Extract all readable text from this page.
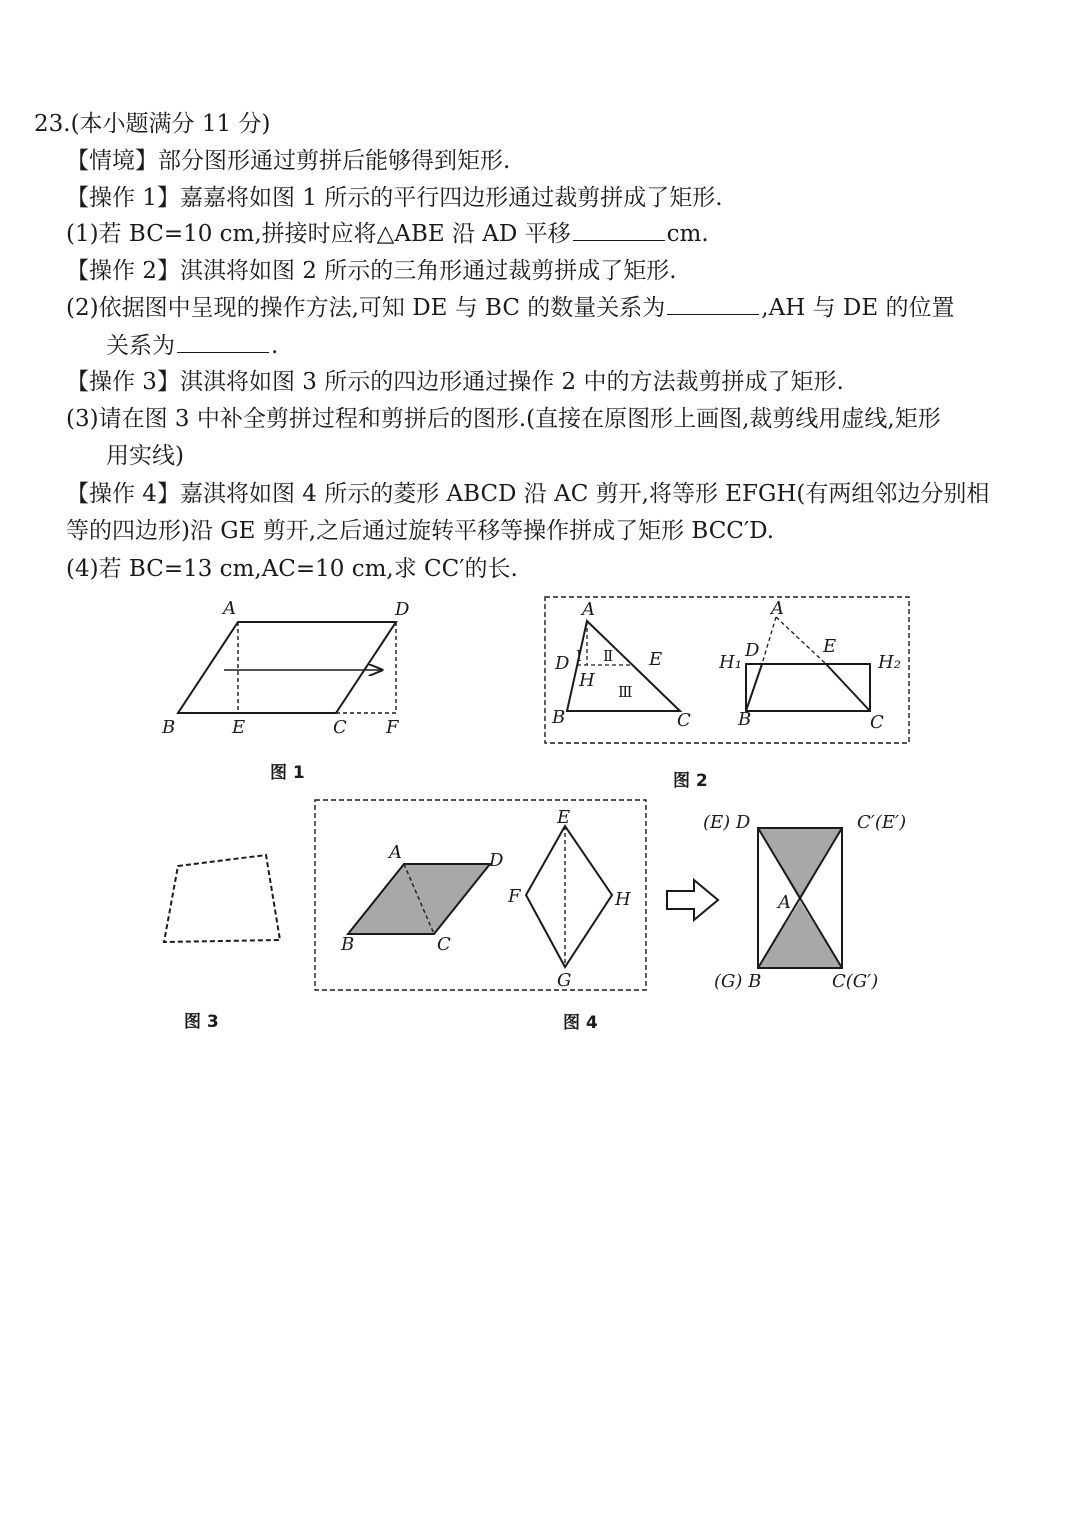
23.(本小题满分 11 分)
【情境】部分图形通过剪拼后能够得到矩形.
【操作 1】嘉嘉将如图 1 所示的平行四边形通过裁剪拼成了矩形.
(1)若 BC=10 cm,拼接时应将△ABE 沿 AD 平移	cm.
【操作 2】淇淇将如图 2 所示的三角形通过裁剪拼成了矩形.
(2)依据图中呈现的操作方法,可知 DE 与 BC 的数量关系为	,AH 与 DE 的位置
关系为	.
【操作 3】淇淇将如图 3 所示的四边形通过操作 2 中的方法裁剪拼成了矩形.
(3)请在图 3 中补全剪拼过程和剪拼后的图形.(直接在原图形上画图,裁剪线用虚线,矩形
用实线)
【操作 4】嘉淇将如图 4 所示的菱形 ABCD 沿 AC 剪开,将等形 EFGH(有两组邻边分别相
等的四边形)沿 GE 剪开,之后通过旋转平移等操作拼成了矩形 BCC′D.
(4)若 BC=13 cm,AC=10 cm,求 CC′的长.
A	D
B	E	C F
图 1
A
D	E
H
B	C
Ⅰ Ⅱ
Ⅲ
A
D	E
H₁	H₂
B	C
图 2
图 3
A	D
B	C
E
F	H
G
(E) D	C′(E′)
A
(G) B	C(G′)
图 4
